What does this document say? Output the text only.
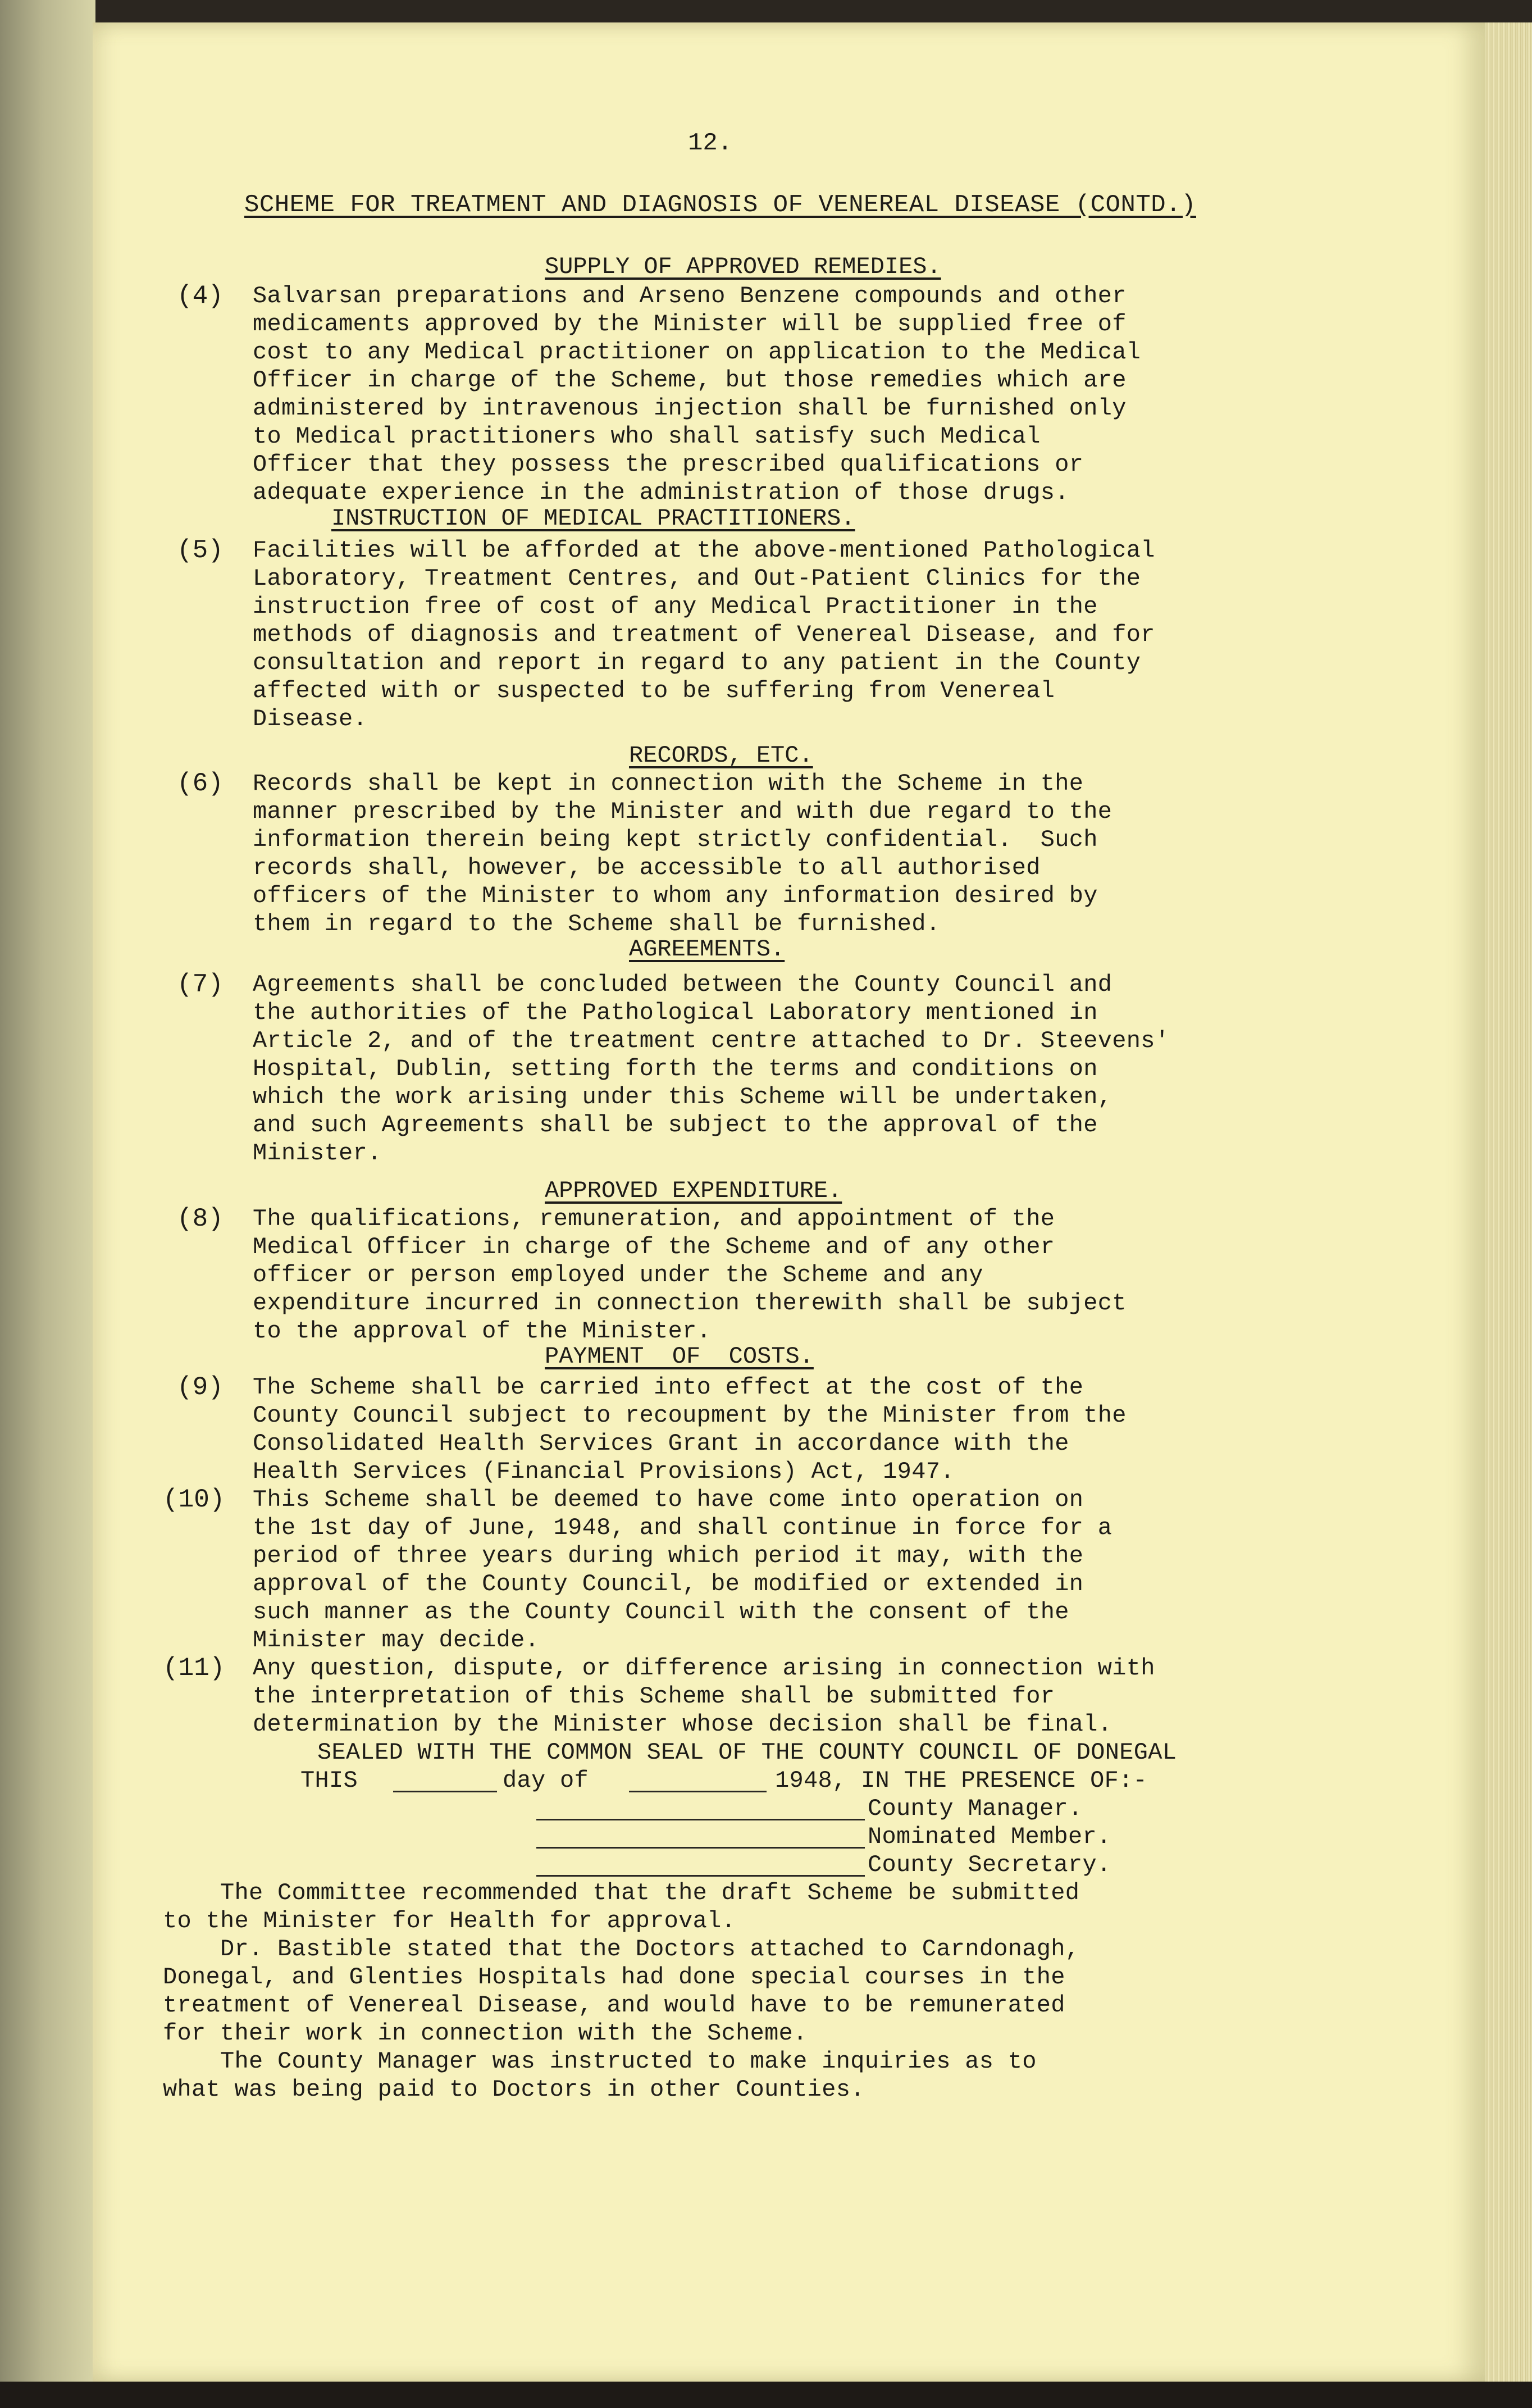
12.
SCHEME FOR TREATMENT AND DIAGNOSIS OF VENEREAL DISEASE (CONTD.)
SUPPLY OF APPROVED REMEDIES.
(4) Salvarsan preparations and Arseno Benzene compounds and other
medicaments approved by the Minister will be supplied free of
cost to any Medical practitioner on application to the Medical
Officer in charge of the Scheme, but those remedies which are
administered by intravenous injection shall be furnished only
to Medical practitioners who shall satisfy such Medical
Officer that they possess the prescribed qualifications or
adequate experience in the administration of those drugs.
INSTRUCTION OF MEDICAL PRACTITIONERS.
(5) Facilities will be afforded at the above-mentioned Pathological
Laboratory, Treatment Centres, and Out-Patient Clinics for the
instruction free of cost of any Medical Practitioner in the
methods of diagnosis and treatment of Venereal Disease, and for
consultation and report in regard to any patient in the County
affected with or suspected to be suffering from Venereal
Disease.
RECORDS, ETC.
(6) Records shall be kept in connection with the Scheme in the
manner prescribed by the Minister and with due regard to the
information therein being kept strictly confidential.  Such
records shall, however, be accessible to all authorised
officers of the Minister to whom any information desired by
them in regard to the Scheme shall be furnished.
AGREEMENTS.
(7) Agreements shall be concluded between the County Council and
the authorities of the Pathological Laboratory mentioned in
Article 2, and of the treatment centre attached to Dr. Steevens'
Hospital, Dublin, setting forth the terms and conditions on
which the work arising under this Scheme will be undertaken,
and such Agreements shall be subject to the approval of the
Minister.
APPROVED EXPENDITURE.
(8) The qualifications, remuneration, and appointment of the
Medical Officer in charge of the Scheme and of any other
officer or person employed under the Scheme and any
expenditure incurred in connection therewith shall be subject
to the approval of the Minister.
PAYMENT  OF  COSTS.
(9) The Scheme shall be carried into effect at the cost of the
County Council subject to recoupment by the Minister from the
Consolidated Health Services Grant in accordance with the
Health Services (Financial Provisions) Act, 1947.
(10) This Scheme shall be deemed to have come into operation on
the 1st day of June, 1948, and shall continue in force for a
period of three years during which period it may, with the
approval of the County Council, be modified or extended in
such manner as the County Council with the consent of the
Minister may decide.
(11) Any question, dispute, or difference arising in connection with
the interpretation of this Scheme shall be submitted for
determination by the Minister whose decision shall be final.
SEALED WITH THE COMMON SEAL OF THE COUNTY COUNCIL OF DONEGAL
THIS	day of	1948, IN THE PRESENCE OF:-
County Manager.
Nominated Member.
County Secretary.
The Committee recommended that the draft Scheme be submitted
to the Minister for Health for approval.
Dr. Bastible stated that the Doctors attached to Carndonagh,
Donegal, and Glenties Hospitals had done special courses in the
treatment of Venereal Disease, and would have to be remunerated
for their work in connection with the Scheme.
The County Manager was instructed to make inquiries as to
what was being paid to Doctors in other Counties.
